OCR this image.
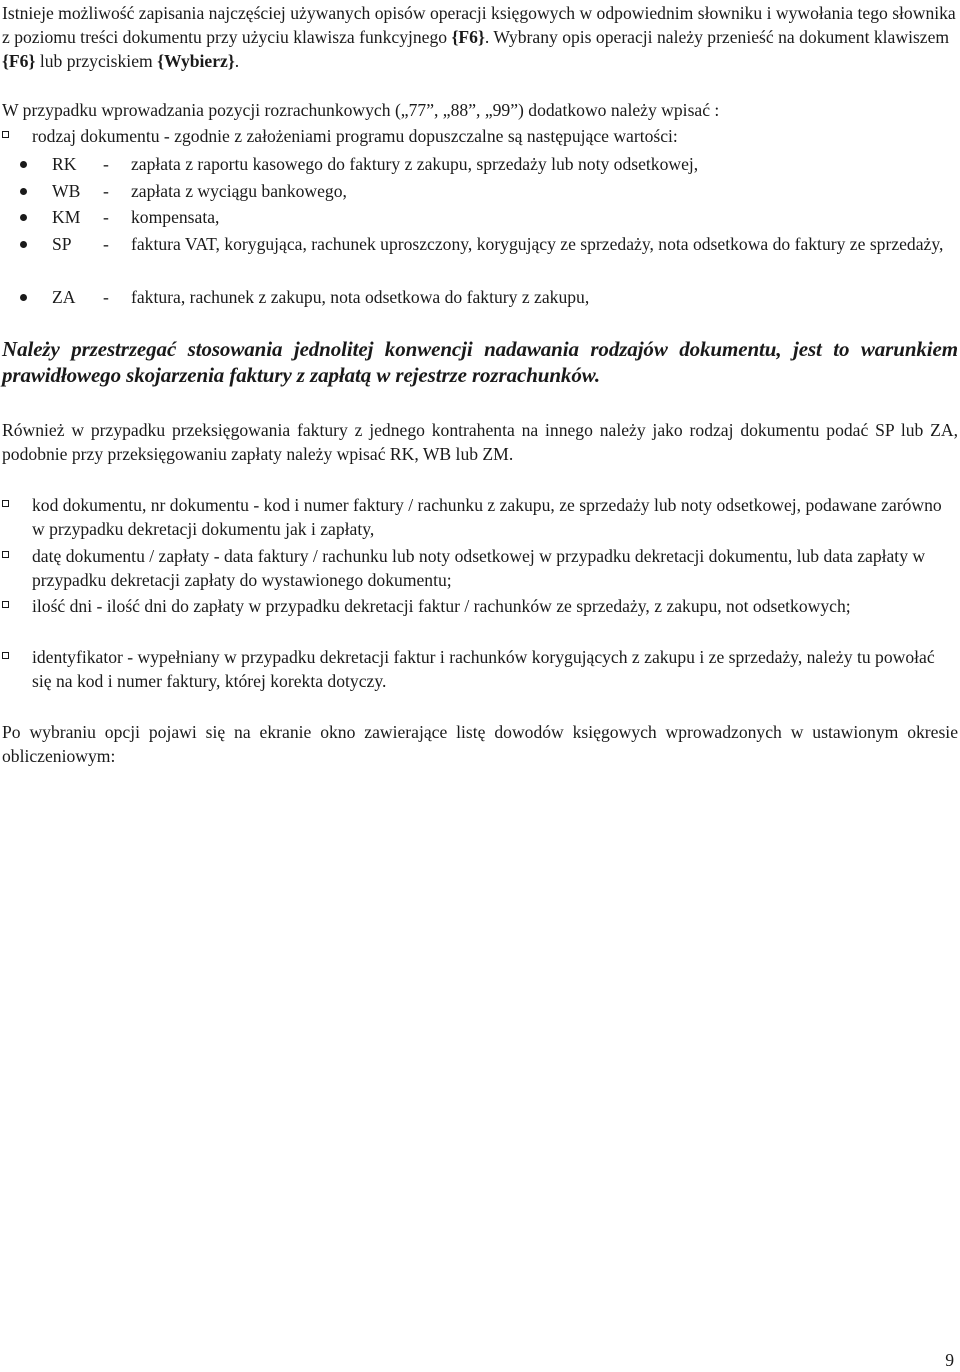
Istnieje możliwość zapisania najczęściej używanych opisów operacji księgowych w odpowiednim słowniku i wywołania tego słownika z poziomu treści dokumentu przy użyciu klawisza funkcyjnego {F6}. Wybrany opis operacji należy przenieść na dokument klawiszem {F6} lub przyciskiem {Wybierz}.

W przypadku wprowadzania pozycji rozrachunkowych („77”, „88”, „99”) dodatkowo należy wpisać :

rodzaj dokumentu - zgodnie z założeniami programu dopuszczalne są następujące wartości:

RK -	zapłata z raportu kasowego do faktury z zakupu, sprzedaży lub noty odsetkowej,

WB -	zapłata z wyciągu bankowego,

KM -	kompensata,

SP -	faktura VAT, korygująca, rachunek uproszczony, korygujący ze sprzedaży, nota odsetkowa do faktury ze sprzedaży,

ZA -	faktura, rachunek z zakupu, nota odsetkowa do faktury z zakupu,

Należy przestrzegać stosowania jednolitej konwencji nadawania rodzajów dokumentu, jest to warunkiem prawidłowego skojarzenia faktury z zapłatą w rejestrze rozrachunków.

Również w przypadku przeksięgowania faktury z jednego kontrahenta na innego należy jako rodzaj dokumentu podać SP lub ZA, podobnie przy przeksięgowaniu zapłaty należy wpisać RK, WB lub ZM.

kod dokumentu, nr dokumentu - kod i numer faktury / rachunku z zakupu, ze sprzedaży lub noty odsetkowej, podawane zarówno w przypadku dekretacji dokumentu jak i zapłaty,

datę dokumentu / zapłaty - data faktury / rachunku lub noty odsetkowej w przypadku dekretacji dokumentu, lub data zapłaty w przypadku dekretacji zapłaty do wystawionego dokumentu;

ilość dni - ilość dni do zapłaty w przypadku dekretacji faktur / rachunków ze sprzedaży, z zakupu, not odsetkowych;

identyfikator - wypełniany w przypadku dekretacji faktur i rachunków korygujących z zakupu i ze sprzedaży, należy tu powołać się na kod i numer faktury, której korekta dotyczy.

Po wybraniu opcji pojawi się na ekranie okno zawierające listę dowodów księgowych wprowadzonych w ustawionym okresie obliczeniowym:

9
